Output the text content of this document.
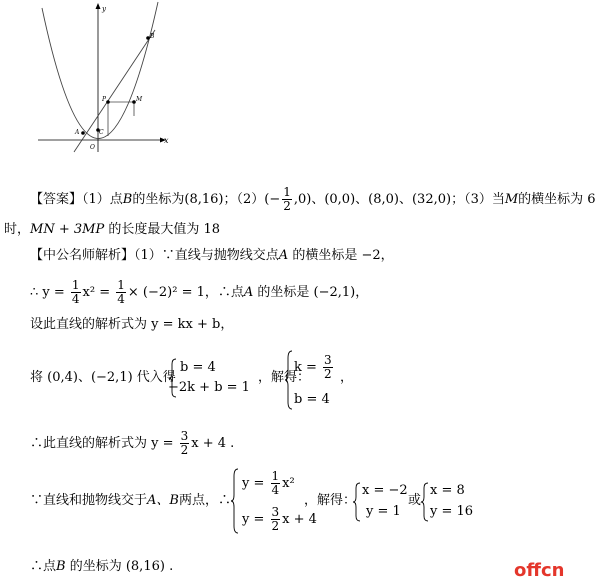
y
x
O
A	C
P	M
B
【答案】（1）点B的坐标为(8,16)；$(2)(- \frac{1}{2} ,0)$、(0,0)、(8,0)、(32,0)；（3）当M的横坐标为 6
时，MN + 3MP 的长度最大值为 18
【中公名师解析】（1）∵直线与抛物线交点A 的横坐标是 −2，
∴ $y = \frac{1}{4} x^2 = \frac{1}{4} \times (-2)^2 = 1$，∴点A 的坐标是 (−2,1)，
设此直线的解析式为 y = kx + b，
将 (0,4)、(−2,1) 代入得
b = 4
−2k + b = 1
，解得：
$k = \frac{3}{2}$
b = 4
，
∴此直线的解析式为 $y = \frac{3}{2}$ x + 4 .
∵直线和抛物线交于A、B两点，∴
$y = \frac{1}{4} x^2$
$y = \frac{3}{2}$ x + 4
，解得：
x = −2
y = 1
或
x = 8
y = 16
∴点B 的坐标为 (8,16) .	offcn
